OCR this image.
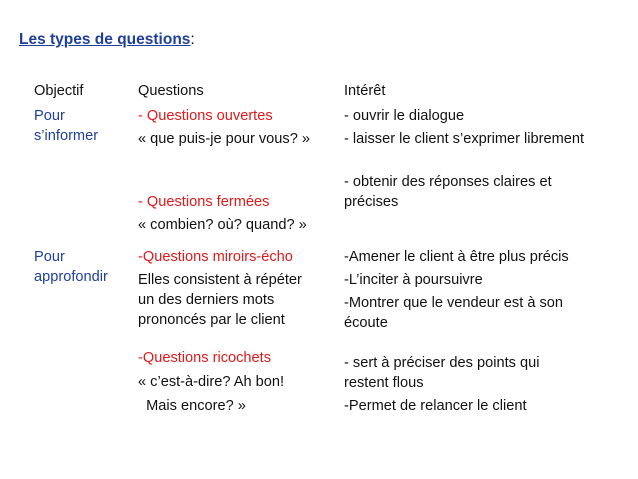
Les types de questions:
Objectif	Questions	Intérêt
Pour
s’informer
- Questions ouvertes
« que puis-je pour vous? »
- ouvrir le dialogue
- laisser le client s’exprimer librement
- Questions fermées
« combien? où? quand? »
- obtenir des réponses claires et
précises
Pour
approfondir
-Questions miroirs-écho
Elles consistent à répéter
un des derniers mots
prononcés par le client
-Amener le client à être plus précis
-L’inciter à poursuivre
-Montrer que le vendeur est à son
écoute
-Questions ricochets
« c’est-à-dire? Ah bon!
Mais encore? »
- sert à préciser des points qui
restent flous
-Permet de relancer le client
